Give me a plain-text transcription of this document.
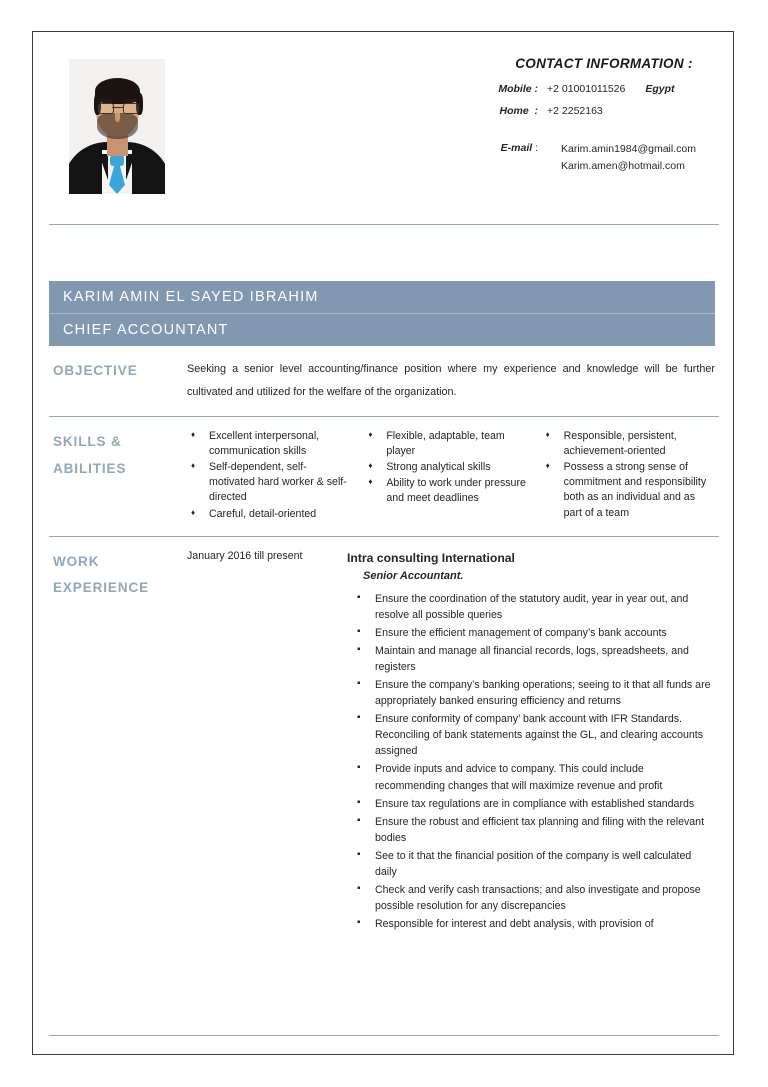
CONTACT INFORMATION :
Mobile : +2 01001011526 Egypt
Home  : +2 2252163
E-mail :	Karim.amin1984@gmail.com
Karim.amen@hotmail.com
KARIM AMIN EL SAYED IBRAHIM
CHIEF ACCOUNTANT
OBJECTIVE	Seeking a senior level accounting/finance position where my experience and knowledge will be further cultivated and utilized for the welfare of the organization.
SKILLS &
ABILITIES
♦ Excellent interpersonal, communication skills
♦ Self-dependent, self-motivated hard worker & self-directed
♦ Careful, detail-oriented
♦ Flexible, adaptable, team player
♦ Strong analytical skills
♦ Ability to work under pressure and meet deadlines
♦ Responsible, persistent, achievement-oriented
♦ Possess a strong sense of commitment and responsibility both as an individual and as part of a team
WORK
EXPERIENCE
January 2016 till present	Intra consulting International
Senior Accountant.
▪ Ensure the coordination of the statutory audit, year in year out, and resolve all possible queries
▪ Ensure the efficient management of company’s bank accounts
▪ Maintain and manage all financial records, logs, spreadsheets, and registers
▪ Ensure the company’s banking operations; seeing to it that all funds are appropriately banked ensuring efficiency and returns
▪ Ensure conformity of company’ bank account with IFR Standards. Reconciling of bank statements against the GL, and clearing accounts assigned
▪ Provide inputs and advice to company. This could include recommending changes that will maximize revenue and profit
▪ Ensure tax regulations are in compliance with established standards
▪ Ensure the robust and efficient tax planning and filing with the relevant bodies
▪ See to it that the financial position of the company is well calculated daily
▪ Check and verify cash transactions; and also investigate and propose possible resolution for any discrepancies
▪ Responsible for interest and debt analysis, with provision of
